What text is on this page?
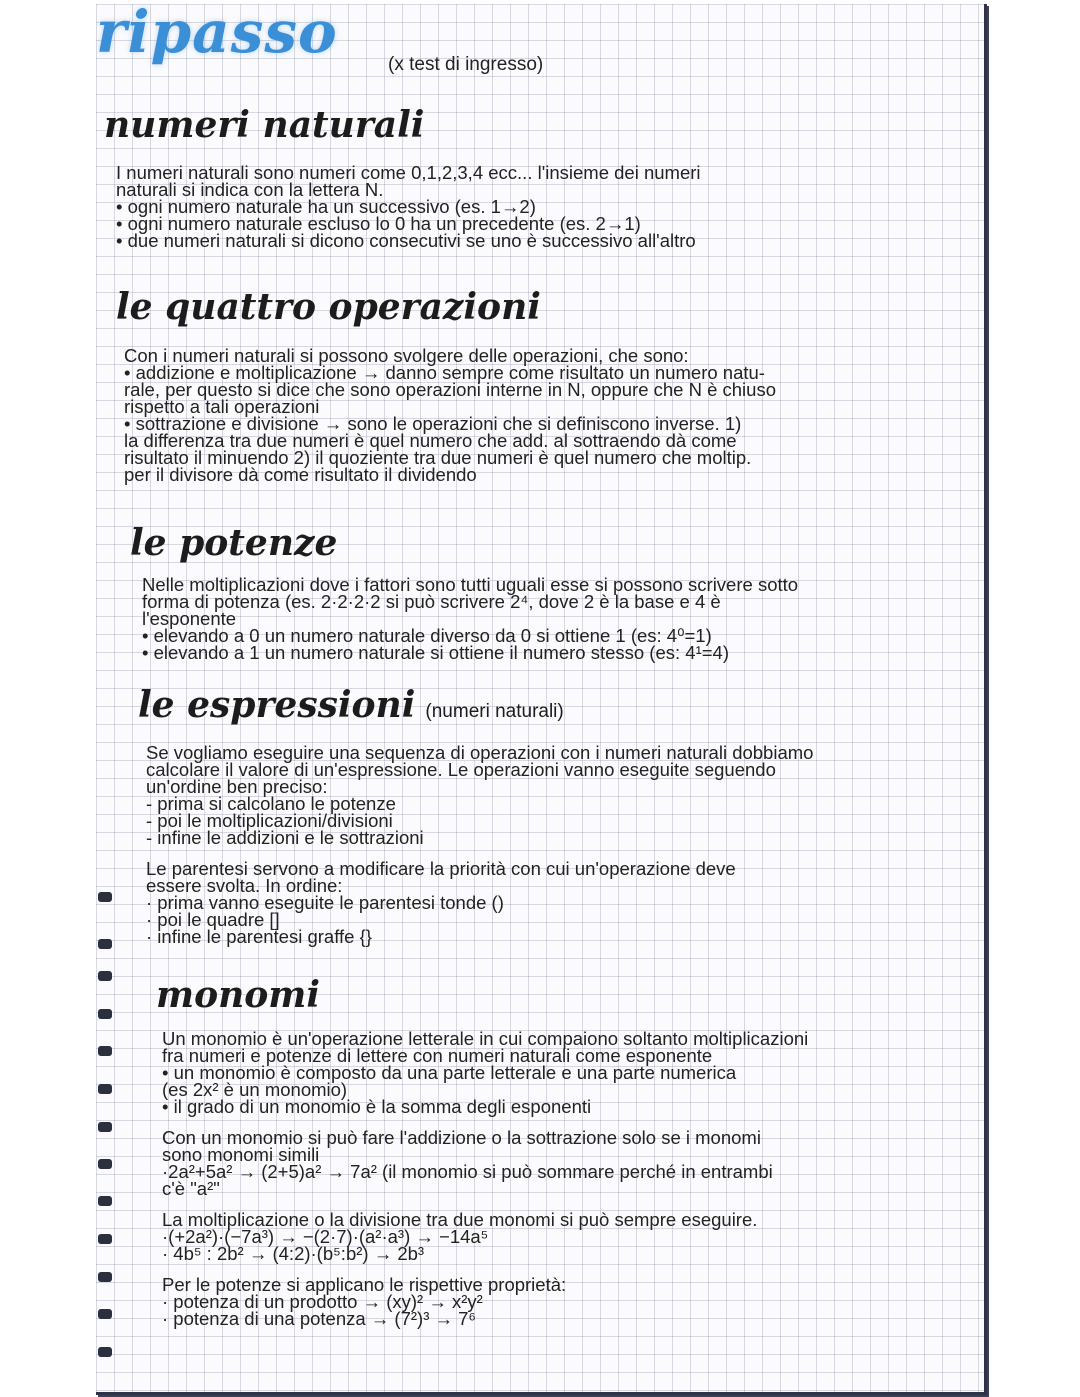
ripasso	(x test di ingresso)
numeri naturali

I numeri naturali sono numeri come 0,1,2,3,4 ecc... l'insieme dei numeri

naturali si indica con la lettera N.

• ogni numero naturale ha un successivo (es. 1→2)

• ogni numero naturale escluso lo 0 ha un precedente (es. 2→1)

• due numeri naturali si dicono consecutivi se uno è successivo all'altro

le quattro operazioni

Con i numeri naturali si possono svolgere delle operazioni, che sono:

• addizione e moltiplicazione → danno sempre come risultato un numero natu-

rale, per questo si dice che sono operazioni interne in N, oppure che N è chiuso

rispetto a tali operazioni

• sottrazione e divisione → sono le operazioni che si definiscono inverse. 1)

la differenza tra due numeri è quel numero che add. al sottraendo dà come

risultato il minuendo 2) il quoziente tra due numeri è quel numero che moltip.

per il divisore dà come risultato il dividendo

le potenze

Nelle moltiplicazioni dove i fattori sono tutti uguali esse si possono scrivere sotto

forma di potenza (es. 2·2·2·2 si può scrivere 2⁴, dove 2 è la base e 4 è

l'esponente

• elevando a 0 un numero naturale diverso da 0 si ottiene 1 (es: 4⁰=1)

• elevando a 1 un numero naturale si ottiene il numero stesso (es: 4¹=4)

le espressioni (numeri naturali)

Se vogliamo eseguire una sequenza di operazioni con i numeri naturali dobbiamo

calcolare il valore di un'espressione. Le operazioni vanno eseguite seguendo

un'ordine ben preciso:

- prima si calcolano le potenze

- poi le moltiplicazioni/divisioni

- infine le addizioni e le sottrazioni

Le parentesi servono a modificare la priorità con cui un'operazione deve

essere svolta. In ordine:

· prima vanno eseguite le parentesi tonde ()

· poi le quadre []

· infine le parentesi graffe {}

monomi

Un monomio è un'operazione letterale in cui compaiono soltanto moltiplicazioni

fra numeri e potenze di lettere con numeri naturali come esponente

• un monomio è composto da una parte letterale e una parte numerica

(es 2x² è un monomio)

• il grado di un monomio è la somma degli esponenti

Con un monomio si può fare l'addizione o la sottrazione solo se i monomi

sono monomi simili

·2a²+5a² → (2+5)a² → 7a² (il monomio si può sommare perché in entrambi

c'è "a²"

La moltiplicazione o la divisione tra due monomi si può sempre eseguire.

·(+2a²)·(−7a³) → −(2·7)·(a²·a³) → −14a⁵

· 4b⁵ : 2b² → (4:2)·(b⁵:b²) → 2b³

Per le potenze si applicano le rispettive proprietà:

· potenza di un prodotto → (xy)² → x²y²

· potenza di una potenza → (7²)³ → 7⁶
